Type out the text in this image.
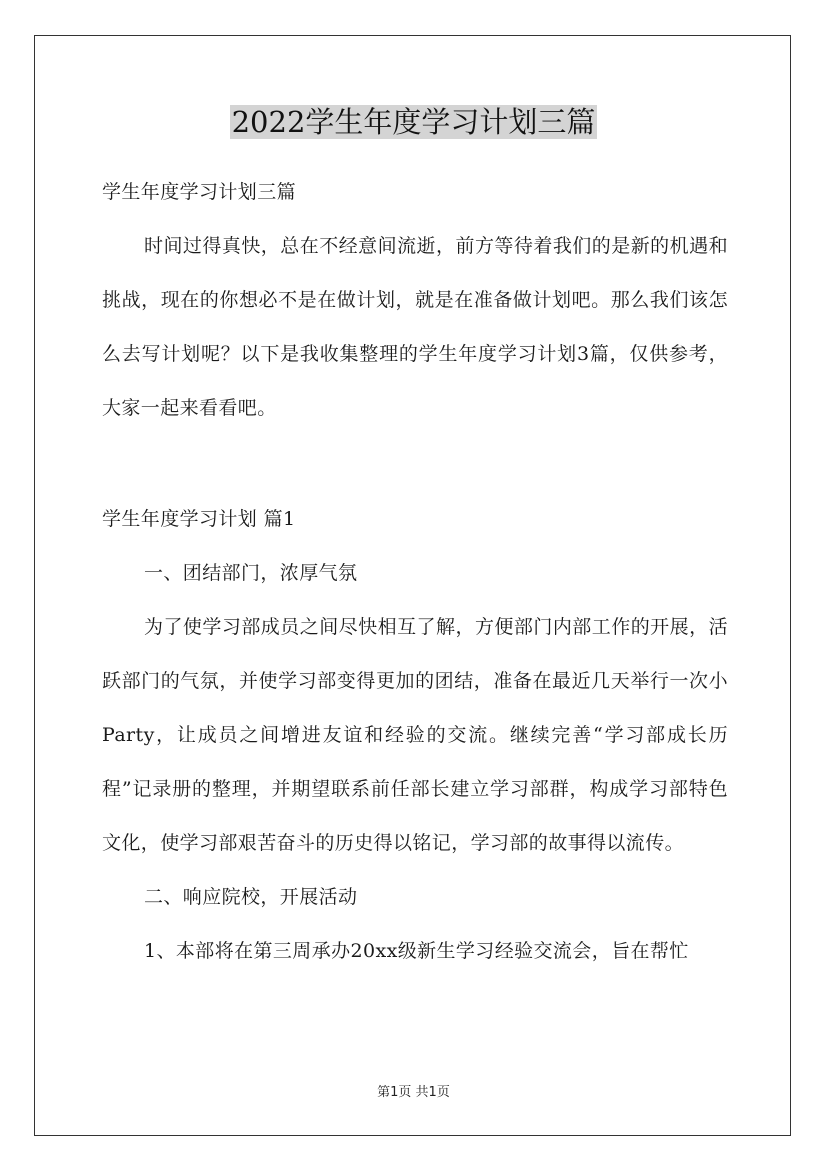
2022学生年度学习计划三篇

学生年度学习计划三篇

时间过得真快，总在不经意间流逝，前方等待着我们的是新的机遇和挑战，现在的你想必不是在做计划，就是在准备做计划吧。那么我们该怎么去写计划呢？以下是我收集整理的学生年度学习计划3篇，仅供参考，大家一起来看看吧。

学生年度学习计划 篇1

一、团结部门，浓厚气氛

为了使学习部成员之间尽快相互了解，方便部门内部工作的开展，活跃部门的气氛，并使学习部变得更加的团结，准备在最近几天举行一次小Party，让成员之间增进友谊和经验的交流。继续完善“学习部成长历程”记录册的整理，并期望联系前任部长建立学习部群，构成学习部特色文化，使学习部艰苦奋斗的历史得以铭记，学习部的故事得以流传。

二、响应院校，开展活动

1、本部将在第三周承办20xx级新生学习经验交流会，旨在帮忙

第1页 共1页
